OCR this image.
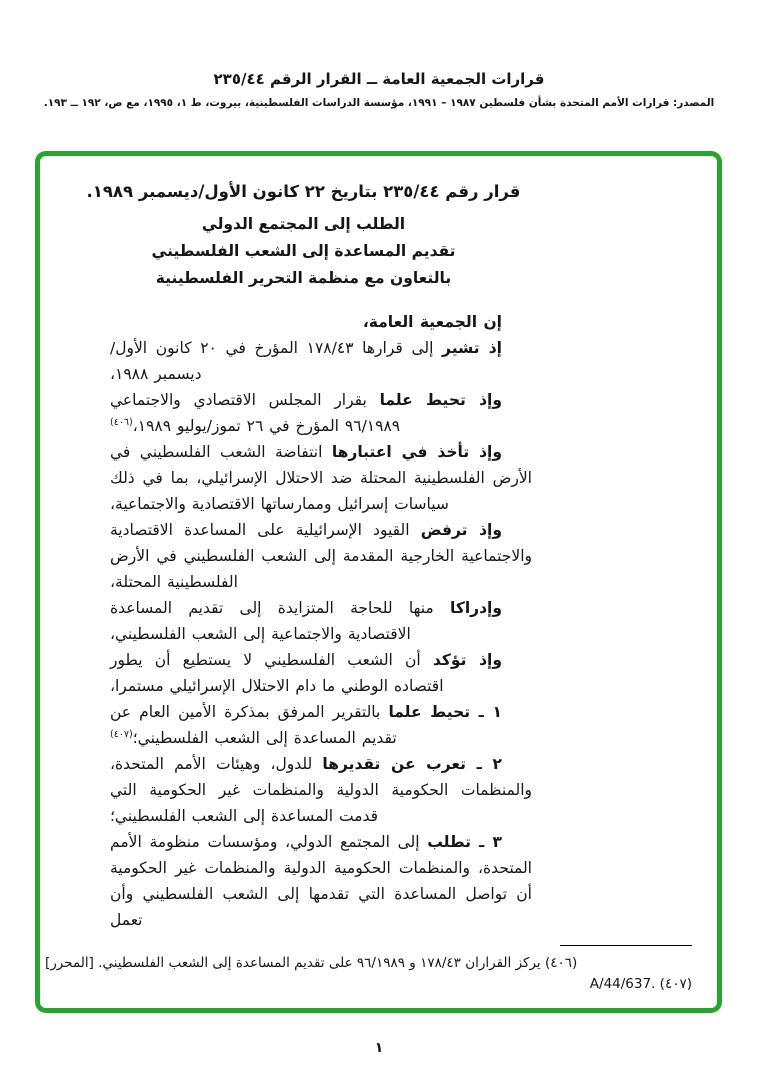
قرارات الجمعية العامة ــ القرار الرقم ٢٣٥/٤٤
المصدر: قرارات الأمم المتحدة بشأن فلسطين ١٩٨٧ – ١٩٩١، مؤسسة الدراسات الفلسطينية، بيروت، ط ١، ١٩٩٥، مع ص، ١٩٢ ــ ١٩٣.
قرار رقم ٢٣٥/٤٤ بتاريخ ٢٢ كانون الأول/ديسمبر ١٩٨٩.
الطلب إلى المجتمع الدولي
تقديم المساعدة إلى الشعب الفلسطيني
بالتعاون مع منظمة التحرير الفلسطينية

إن الجمعية العامة،

إذ تشير إلى قرارها ١٧٨/٤٣ المؤرخ في ٢٠ كانون الأول/ديسمبر ١٩٨٨،

وإذ تحيط علما بقرار المجلس الاقتصادي والاجتماعي ٩٦/١٩٨٩ المؤرخ في ٢٦ تموز/يوليو ١٩٨٩،$^{(٤٠٦)}$

وإذ تأخذ في اعتبارها انتفاضة الشعب الفلسطيني في الأرض الفلسطينية المحتلة ضد الاحتلال الإسرائيلي، بما في ذلك سياسات إسرائيل وممارساتها الاقتصادية والاجتماعية،

وإذ ترفض القيود الإسرائيلية على المساعدة الاقتصادية والاجتماعية الخارجية المقدمة إلى الشعب الفلسطيني في الأرض الفلسطينية المحتلة،

وإدراكا منها للحاجة المتزايدة إلى تقديم المساعدة الاقتصادية والاجتماعية إلى الشعب الفلسطيني،

وإذ تؤكد أن الشعب الفلسطيني لا يستطيع أن يطور اقتصاده الوطني ما دام الاحتلال الإسرائيلي مستمرا،

١ ـ تحيط علما بالتقرير المرفق بمذكرة الأمين العام عن تقديم المساعدة إلى الشعب الفلسطيني؛$^{(٤٠٧)}$

٢ ـ تعرب عن تقديرها للدول، وهيئات الأمم المتحدة، والمنظمات الحكومية الدولية والمنظمات غير الحكومية التي قدمت المساعدة إلى الشعب الفلسطيني؛

٣ ـ تطلب إلى المجتمع الدولي، ومؤسسات منظومة الأمم المتحدة، والمنظمات الحكومية الدولية والمنظمات غير الحكومية أن تواصل المساعدة التي تقدمها إلى الشعب الفلسطيني وأن تعمل

(٤٠٦) يركز القراران ١٧٨/٤٣ و ٩٦/١٩٨٩ على تقديم المساعدة إلى الشعب الفلسطيني. [المحرر]

(٤٠٧) A/44/637.

١
